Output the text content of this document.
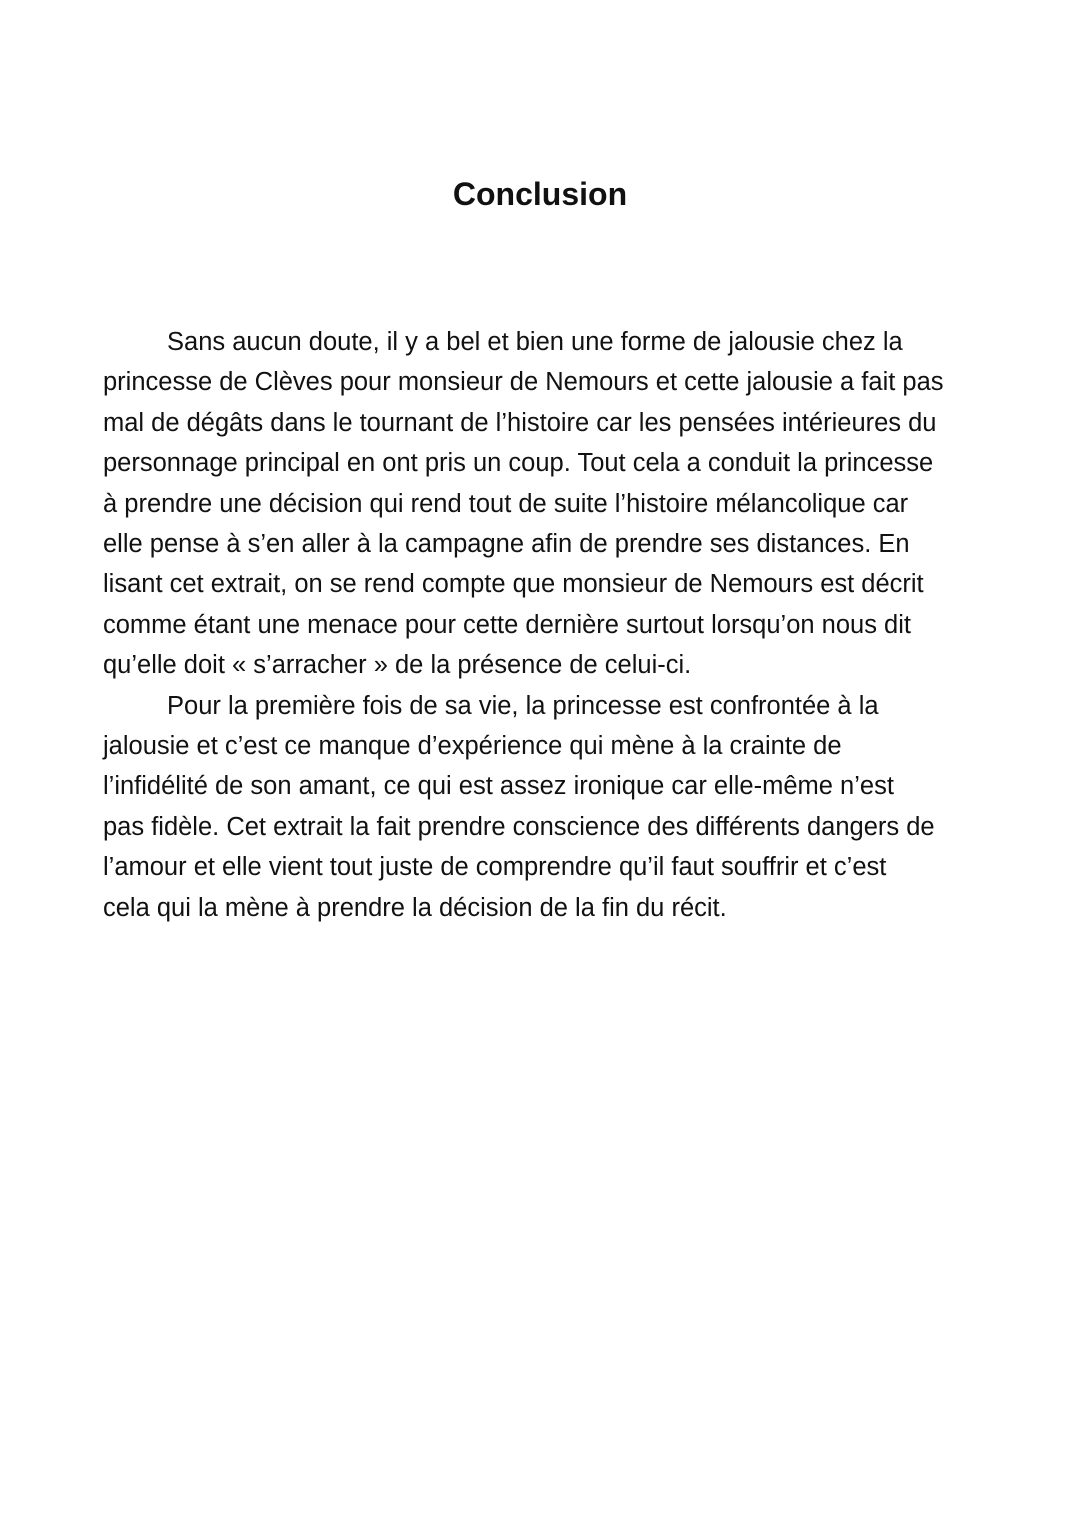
Conclusion

Sans aucun doute, il y a bel et bien une forme de jalousie chez la
princesse de Clèves pour monsieur de Nemours et cette jalousie a fait pas
mal de dégâts dans le tournant de l’histoire car les pensées intérieures du
personnage principal en ont pris un coup. Tout cela a conduit la princesse
à prendre une décision qui rend tout de suite l’histoire mélancolique car
elle pense à s’en aller à la campagne afin de prendre ses distances. En
lisant cet extrait, on se rend compte que monsieur de Nemours est décrit
comme étant une menace pour cette dernière surtout lorsqu’on nous dit
qu’elle doit « s’arracher » de la présence de celui-ci.

Pour la première fois de sa vie, la princesse est confrontée à la
jalousie et c’est ce manque d’expérience qui mène à la crainte de
l’infidélité de son amant, ce qui est assez ironique car elle-même n’est
pas fidèle. Cet extrait la fait prendre conscience des différents dangers de
l’amour et elle vient tout juste de comprendre qu’il faut souffrir et c’est
cela qui la mène à prendre la décision de la fin du récit.
